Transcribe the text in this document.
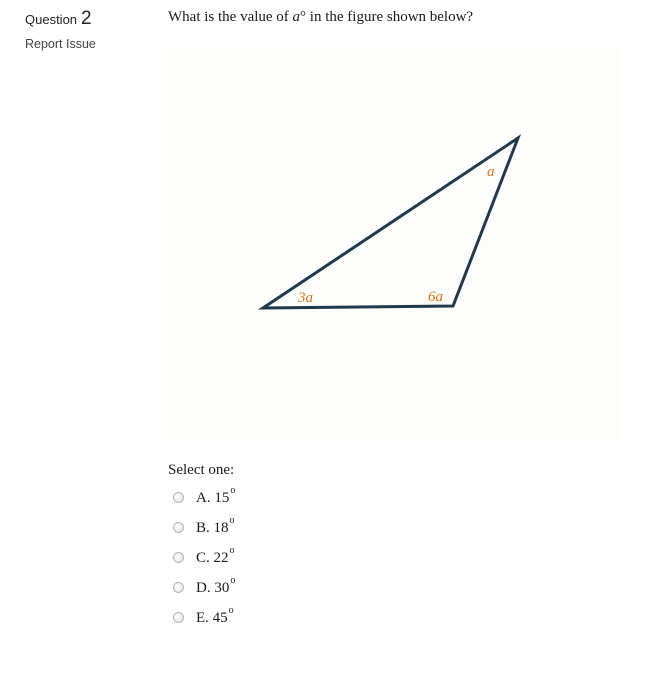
Question 2
Report Issue
What is the value of a° in the figure shown below?
3a	6a
a
Select one:
A. 15$^o$
B. 18$^o$
C. 22$^o$
D. 30$^o$
E. 45$^o$
